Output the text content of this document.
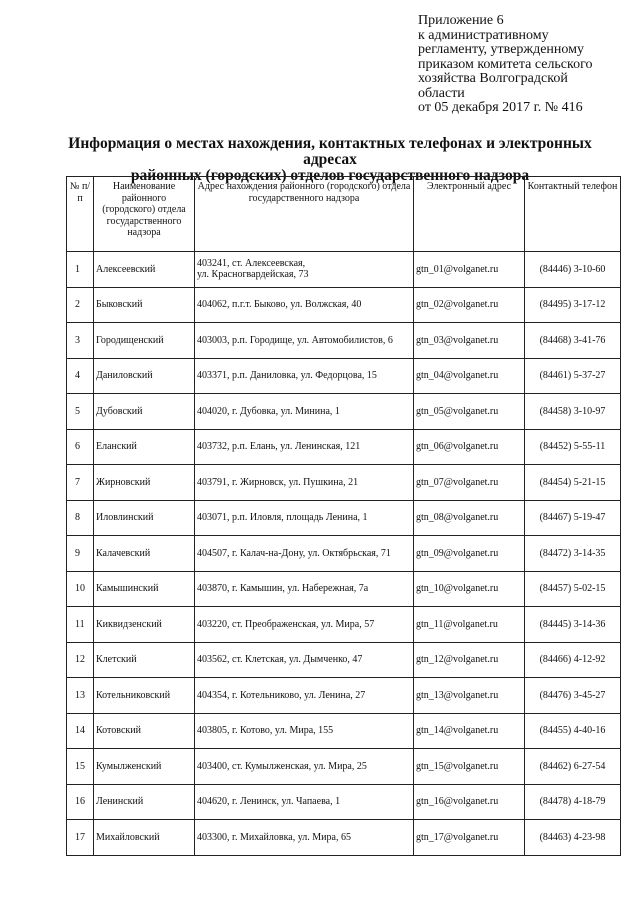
Приложение 6
к административному
регламенту, утвержденному
приказом комитета сельского
хозяйства Волгоградской
области
от 05 декабря 2017 г. № 416
Информация о местах нахождения, контактных телефонах и электронных адресах
районных (городских) отделов государственного надзора
№ п/п	Наименование районного (городского) отдела государственного надзора	Адрес нахождения районного (городского) отдела государственного надзора	Электронный адрес	Контактный телефон
1	Алексеевский	403241, ст. Алексеевская,
ул. Красногвардейская, 73	gtn_01@volganet.ru	(84446) 3-10-60
2	Быковский	404062, п.г.т. Быково, ул. Волжская, 40	gtn_02@volganet.ru	(84495) 3-17-12
3	Городищенский	403003, р.п. Городище, ул. Автомобилистов, 6	gtn_03@volganet.ru	(84468) 3-41-76
4	Даниловский	403371, р.п. Даниловка, ул. Федорцова, 15	gtn_04@volganet.ru	(84461) 5-37-27
5	Дубовский	404020, г. Дубовка, ул. Минина, 1	gtn_05@volganet.ru	(84458) 3-10-97
6	Еланский	403732, р.п. Елань, ул. Ленинская, 121	gtn_06@volganet.ru	(84452) 5-55-11
7	Жирновский	403791, г. Жирновск, ул. Пушкина, 21	gtn_07@volganet.ru	(84454) 5-21-15
8	Иловлинский	403071, р.п. Иловля, площадь Ленина, 1	gtn_08@volganet.ru	(84467) 5-19-47
9	Калачевский	404507, г. Калач-на-Дону, ул. Октябрьская, 71	gtn_09@volganet.ru	(84472) 3-14-35
10	Камышинский	403870, г. Камышин, ул. Набережная, 7а	gtn_10@volganet.ru	(84457) 5-02-15
11	Киквидзенский	403220, ст. Преображенская, ул. Мира, 57	gtn_11@volganet.ru	(84445) 3-14-36
12	Клетский	403562, ст. Клетская, ул. Дымченко, 47	gtn_12@volganet.ru	(84466) 4-12-92
13	Котельниковский	404354, г. Котельниково, ул. Ленина, 27	gtn_13@volganet.ru	(84476) 3-45-27
14	Котовский	403805, г. Котово, ул. Мира, 155	gtn_14@volganet.ru	(84455) 4-40-16
15	Кумылженский	403400, ст. Кумылженская, ул. Мира, 25	gtn_15@volganet.ru	(84462) 6-27-54
16	Ленинский	404620, г. Ленинск, ул. Чапаева, 1	gtn_16@volganet.ru	(84478) 4-18-79
17	Михайловский	403300, г. Михайловка, ул. Мира, 65	gtn_17@volganet.ru	(84463) 4-23-98
